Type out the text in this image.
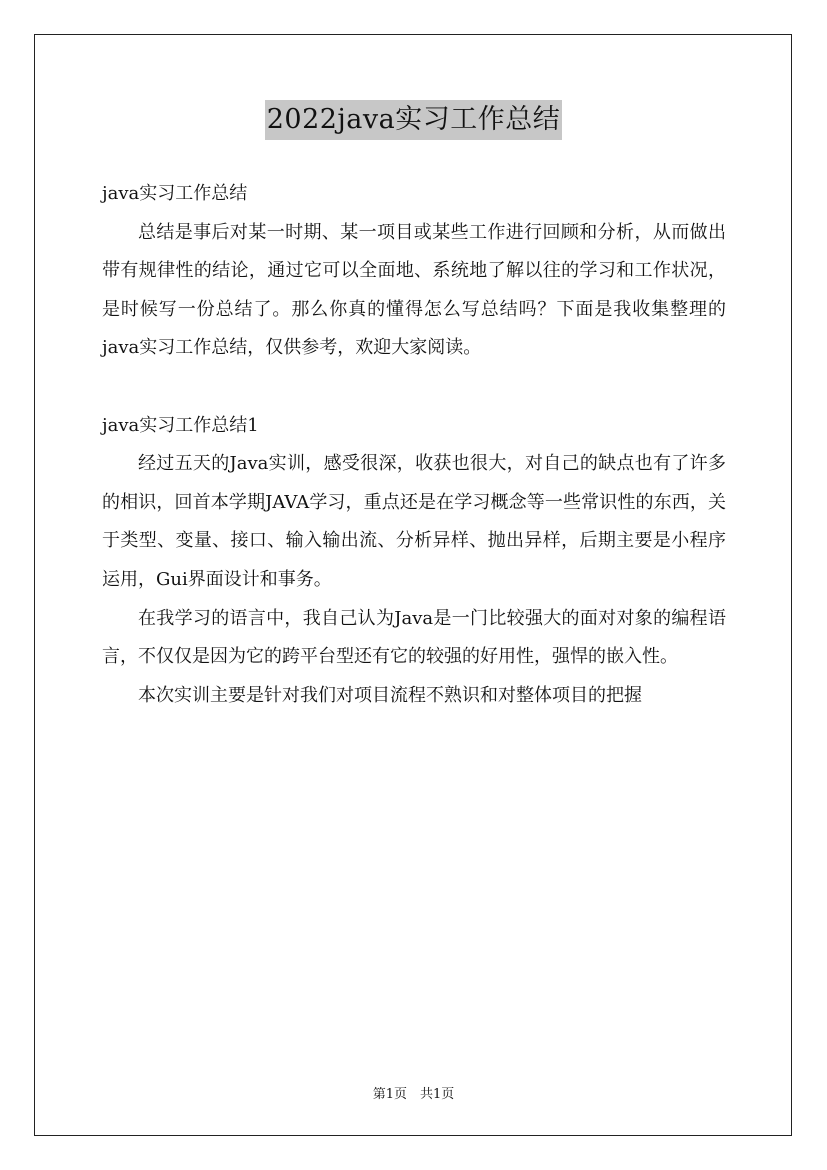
2022java实习工作总结

java实习工作总结

总结是事后对某一时期、某一项目或某些工作进行回顾和分析，从而做出带有规律性的结论，通过它可以全面地、系统地了解以往的学习和工作状况，是时候写一份总结了。那么你真的懂得怎么写总结吗？下面是我收集整理的java实习工作总结，仅供参考，欢迎大家阅读。

java实习工作总结1

经过五天的Java实训，感受很深，收获也很大，对自己的缺点也有了许多的相识，回首本学期JAVA学习，重点还是在学习概念等一些常识性的东西，关于类型、变量、接口、输入输出流、分析异样、抛出异样，后期主要是小程序运用，Gui界面设计和事务。

在我学习的语言中，我自己认为Java是一门比较强大的面对对象的编程语言，不仅仅是因为它的跨平台型还有它的较强的好用性，强悍的嵌入性。

本次实训主要是针对我们对项目流程不熟识和对整体项目的把握

第1页　共1页
